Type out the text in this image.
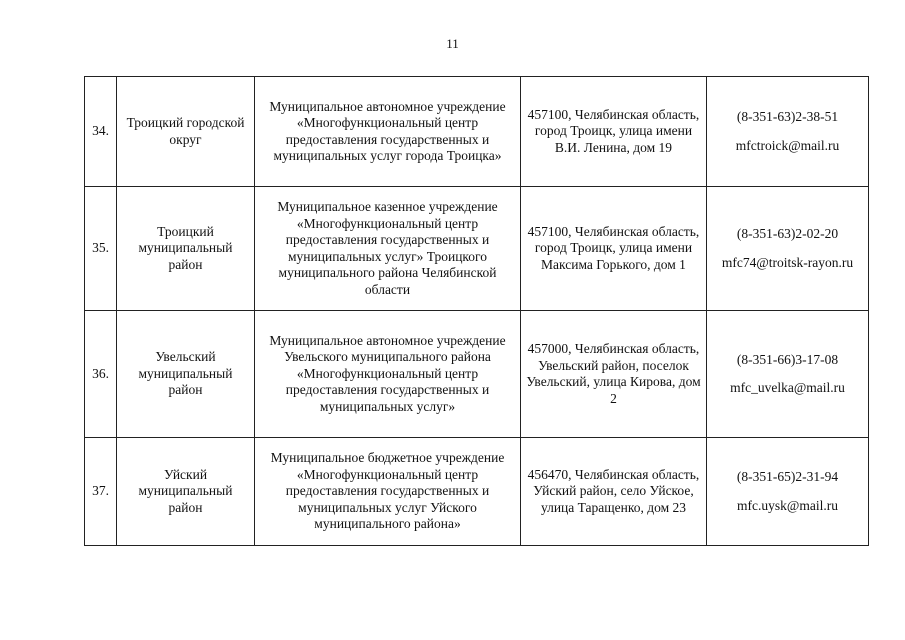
11
34.	Троицкий городской округ	Муниципальное автономное учреждение «Многофункциональный центр предоставления государственных и муниципальных услуг города Троицка»	457100, Челябинская область, город Троицк, улица имени В.И. Ленина, дом 19	(8-351-63)2-38-51
mfctroick@mail.ru

35.	Троицкий муниципальный район	Муниципальное казенное учреждение «Многофункциональный центр предоставления государственных и муниципальных услуг» Троицкого муниципального района Челябинской области	457100, Челябинская область, город Троицк, улица имени Максима Горького, дом 1	(8-351-63)2-02-20
mfc74@troitsk-rayon.ru

36.	Увельский муниципальный район	Муниципальное автономное учреждение Увельского муниципального района «Многофункциональный центр предоставления государственных и муниципальных услуг»	457000, Челябинская область, Увельский район, поселок Увельский, улица Кирова, дом 2	(8-351-66)3-17-08
mfc_uvelka@mail.ru

37.	Уйский муниципальный район	Муниципальное бюджетное учреждение «Многофункциональный центр предоставления государственных и муниципальных услуг Уйского муниципального района»	456470, Челябинская область, Уйский район, село Уйское, улица Таращенко, дом 23	(8-351-65)2-31-94
mfc.uysk@mail.ru
